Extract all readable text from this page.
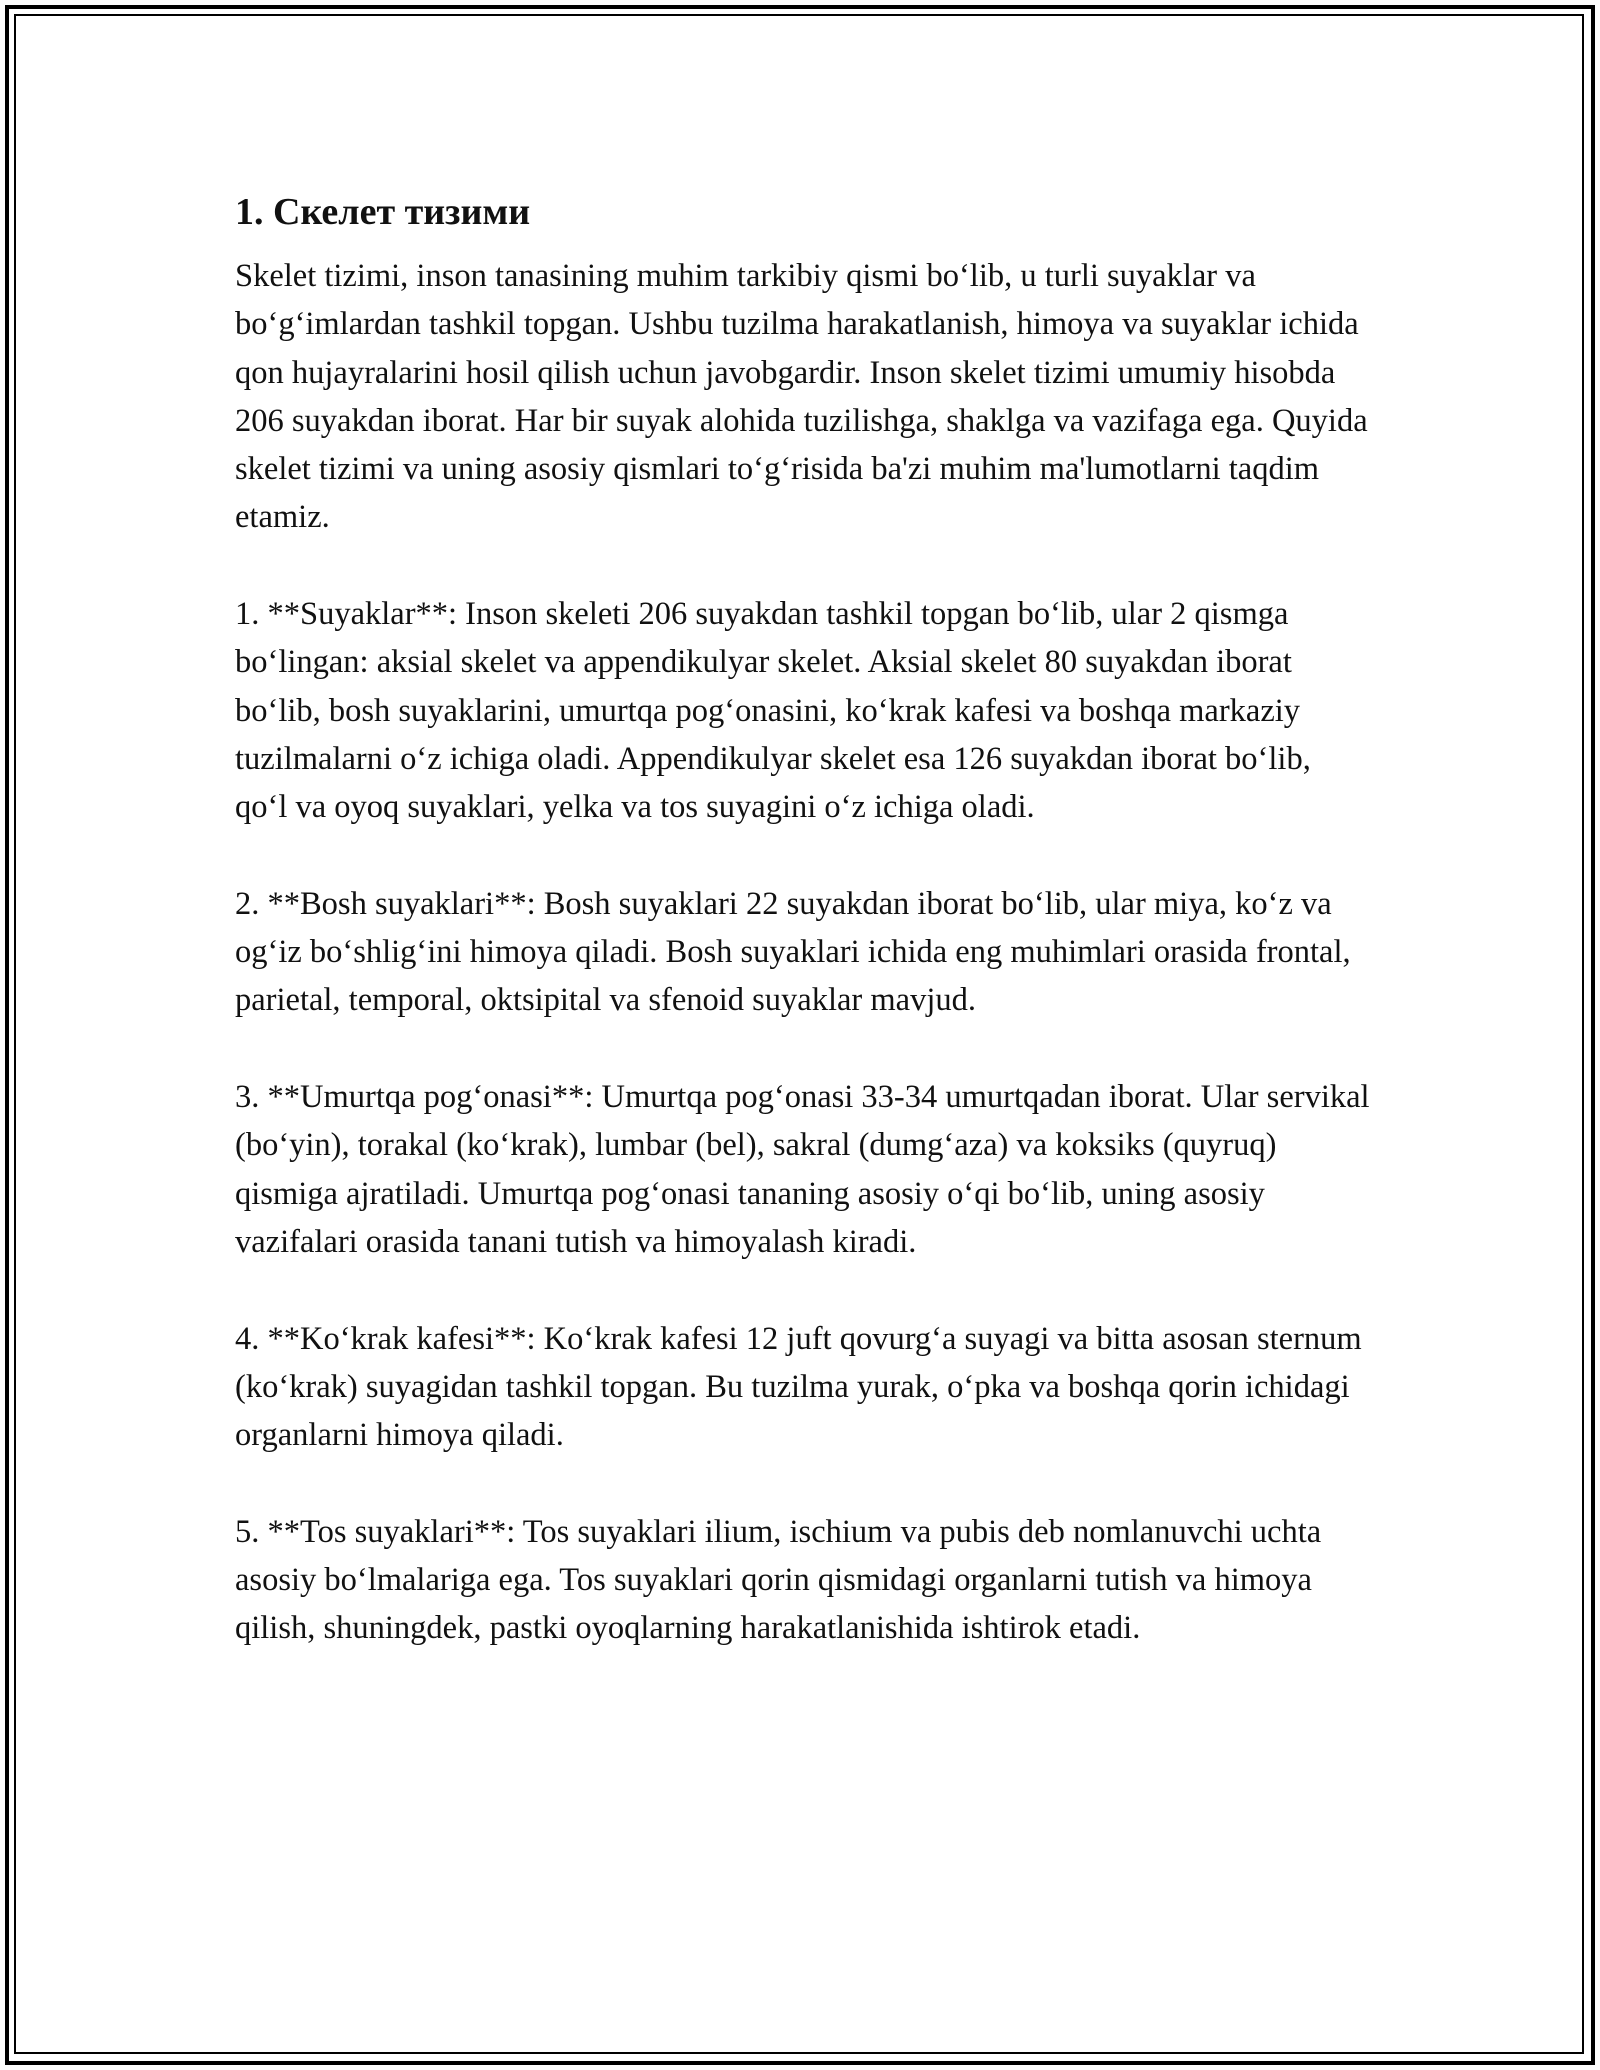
1. Скелет тизими

Skelet tizimi, inson tanasining muhim tarkibiy qismi bo‘lib, u turli suyaklar va bo‘g‘imlardan tashkil topgan. Ushbu tuzilma harakatlanish, himoya va suyaklar ichida qon hujayralarini hosil qilish uchun javobgardir. Inson skelet tizimi umumiy hisobda 206 suyakdan iborat. Har bir suyak alohida tuzilishga, shaklga va vazifaga ega. Quyida skelet tizimi va uning asosiy qismlari to‘g‘risida ba'zi muhim ma'lumotlarni taqdim etamiz.

1. **Suyaklar**: Inson skeleti 206 suyakdan tashkil topgan bo‘lib, ular 2 qismga bo‘lingan: aksial skelet va appendikulyar skelet. Aksial skelet 80 suyakdan iborat bo‘lib, bosh suyaklarini, umurtqa pog‘onasini, ko‘krak kafesi va boshqa markaziy tuzilmalarni o‘z ichiga oladi. Appendikulyar skelet esa 126 suyakdan iborat bo‘lib, qo‘l va oyoq suyaklari, yelka va tos suyagini o‘z ichiga oladi.

2. **Bosh suyaklari**: Bosh suyaklari 22 suyakdan iborat bo‘lib, ular miya, ko‘z va og‘iz bo‘shlig‘ini himoya qiladi. Bosh suyaklari ichida eng muhimlari orasida frontal, parietal, temporal, oktsipital va sfenoid suyaklar mavjud.

3. **Umurtqa pog‘onasi**: Umurtqa pog‘onasi 33-34 umurtqadan iborat. Ular servikal (bo‘yin), torakal (ko‘krak), lumbar (bel), sakral (dumg‘aza) va koksiks (quyruq) qismiga ajratiladi. Umurtqa pog‘onasi tananing asosiy o‘qi bo‘lib, uning asosiy vazifalari orasida tanani tutish va himoyalash kiradi.

4. **Ko‘krak kafesi**: Ko‘krak kafesi 12 juft qovurg‘a suyagi va bitta asosan sternum (ko‘krak) suyagidan tashkil topgan. Bu tuzilma yurak, o‘pka va boshqa qorin ichidagi organlarni himoya qiladi.

5. **Tos suyaklari**: Tos suyaklari ilium, ischium va pubis deb nomlanuvchi uchta asosiy bo‘lmalariga ega. Tos suyaklari qorin qismidagi organlarni tutish va himoya qilish, shuningdek, pastki oyoqlarning harakatlanishida ishtirok etadi.
